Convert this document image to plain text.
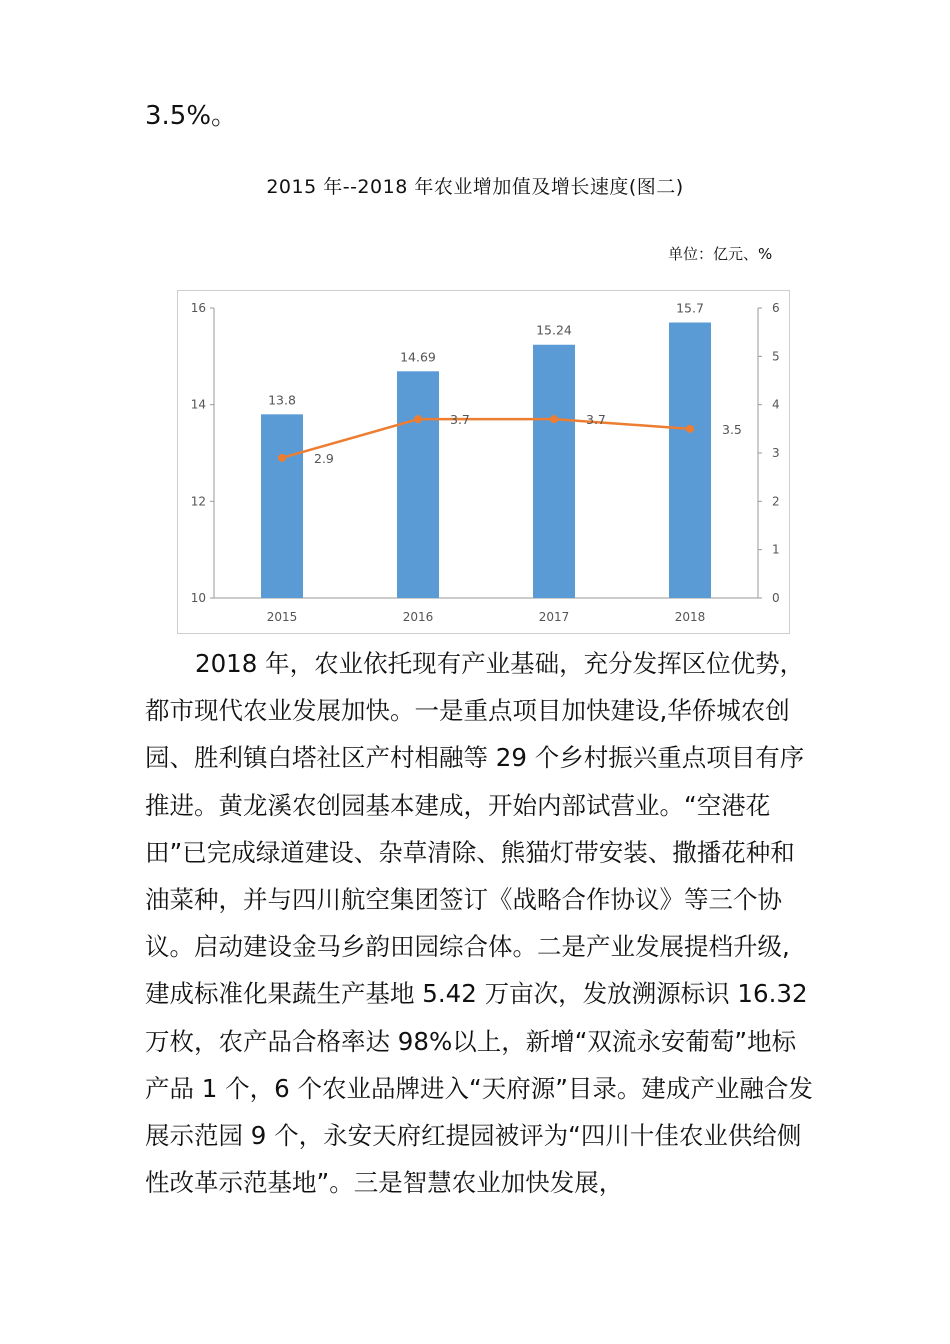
3.5%。
2015 年--2018 年农业增加值及增长速度(图二)
单位：亿元、%
10
12
14
16
0
1
2
3
4
5
6
13.8
14.69
15.24
15.7
2015	2016	2017	2018
2.9
3.7	3.7
3.5

2018 年，农业依托现有产业基础，充分发挥区位优势，都市现代农业发展加快。一是重点项目加快建设,华侨城农创园、胜利镇白塔社区产村相融等 29 个乡村振兴重点项目有序推进。黄龙溪农创园基本建成，开始内部试营业。“空港花田”已完成绿道建设、杂草清除、熊猫灯带安装、撒播花种和油菜种，并与四川航空集团签订《战略合作协议》等三个协议。启动建设金马乡韵田园综合体。二是产业发展提档升级, 建成标准化果蔬生产基地 5.42 万亩次，发放溯源标识 16.32 万枚，农产品合格率达 98%以上，新增“双流永安葡萄”地标产品 1 个，6 个农业品牌进入“天府源”目录。建成产业融合发展示范园 9 个，永安天府红提园被评为“四川十佳农业供给侧性改革示范基地”。三是智慧农业加快发展，
